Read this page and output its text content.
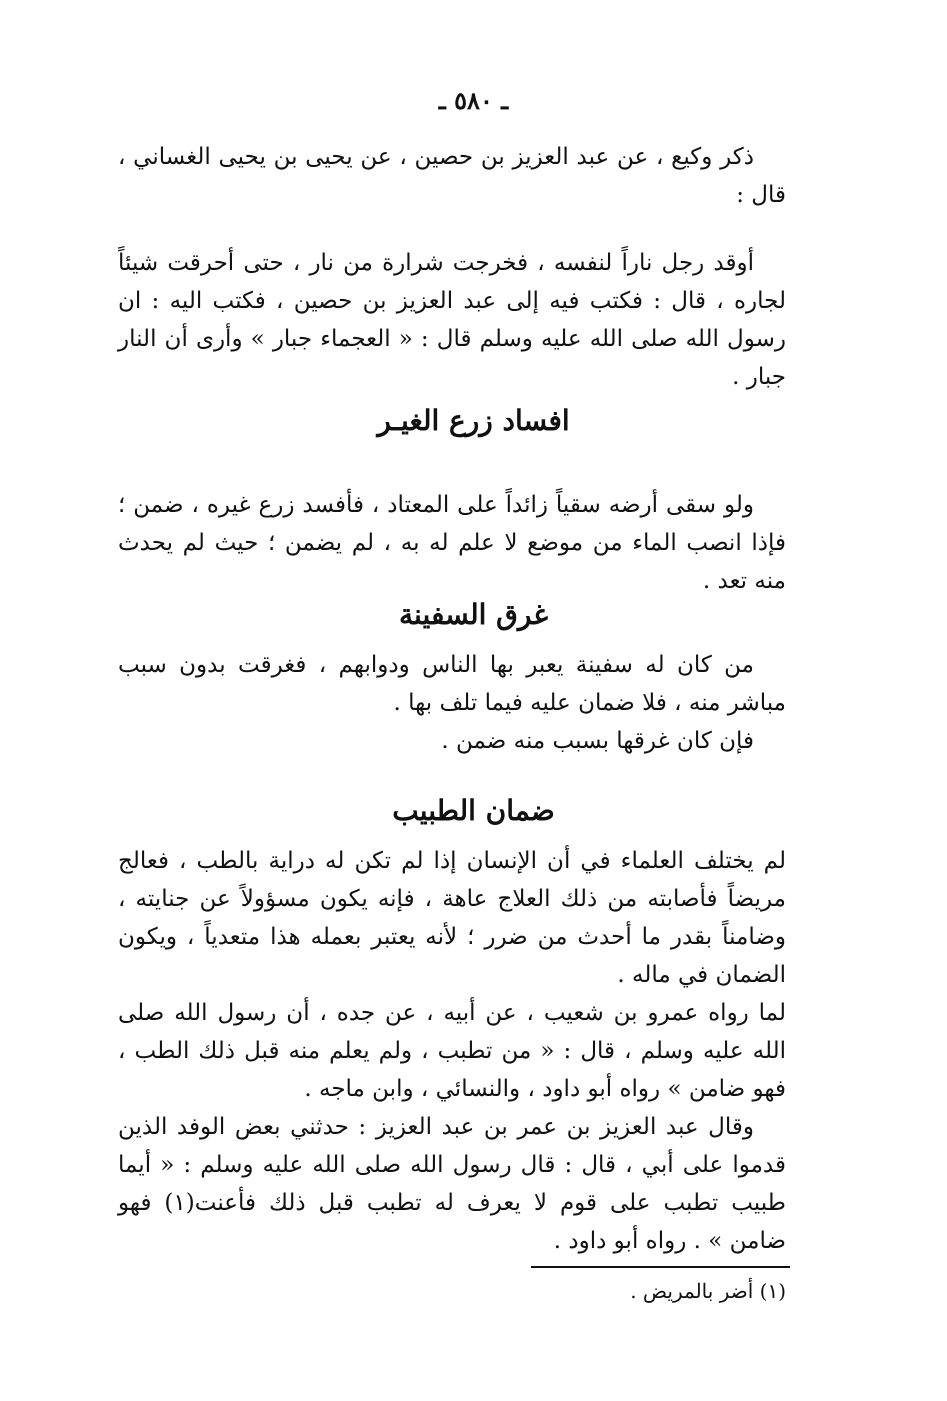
ـ ٥٨٠ ـ

ذكر وكيع ، عن عبد العزيز بن حصين ، عن يحيى بن يحيى الغساني ، قال :

أوقد رجل ناراً لنفسه ، فخرجت شرارة من نار ، حتى أحرقت شيئاً لجاره ، قال : فكتب فيه إلى عبد العزيز بن حصين ، فكتب اليه : ان رسول الله صلى الله عليه وسلم قال : « العجماء جبار » وأرى أن النار جبار .

افساد زرع الغيـر

ولو سقى أرضه سقياً زائداً على المعتاد ، فأفسد زرع غيره ، ضمن ؛ فإذا انصب الماء من موضع لا علم له به ، لم يضمن ؛ حيث لم يحدث منه تعد .

غرق السفينة

من كان له سفينة يعبر بها الناس ودوابهم ، فغرقت بدون سبب مباشر منه ، فلا ضمان عليه فيما تلف بها .

فإن كان غرقها بسبب منه ضمن .

ضمان الطبيب

لم يختلف العلماء في أن الإنسان إذا لم تكن له دراية بالطب ، فعالج مريضاً فأصابته من ذلك العلاج عاهة ، فإنه يكون مسؤولاً عن جنايته ، وضامناً بقدر ما أحدث من ضرر ؛ لأنه يعتبر بعمله هذا متعدياً ، ويكون الضمان في ماله .

لما رواه عمرو بن شعيب ، عن أبيه ، عن جده ، أن رسول الله صلى الله عليه وسلم ، قال : « من تطبب ، ولم يعلم منه قبل ذلك الطب ، فهو ضامن » رواه أبو داود ، والنسائي ، وابن ماجه .

وقال عبد العزيز بن عمر بن عبد العزيز : حدثني بعض الوفد الذين قدموا على أبي ، قال : قال رسول الله صلى الله عليه وسلم : « أيما طبيب تطبب على قوم لا يعرف له تطبب قبل ذلك فأعنت(١) فهو ضامن » . رواه أبو داود .

(١) أضر بالمريض .
